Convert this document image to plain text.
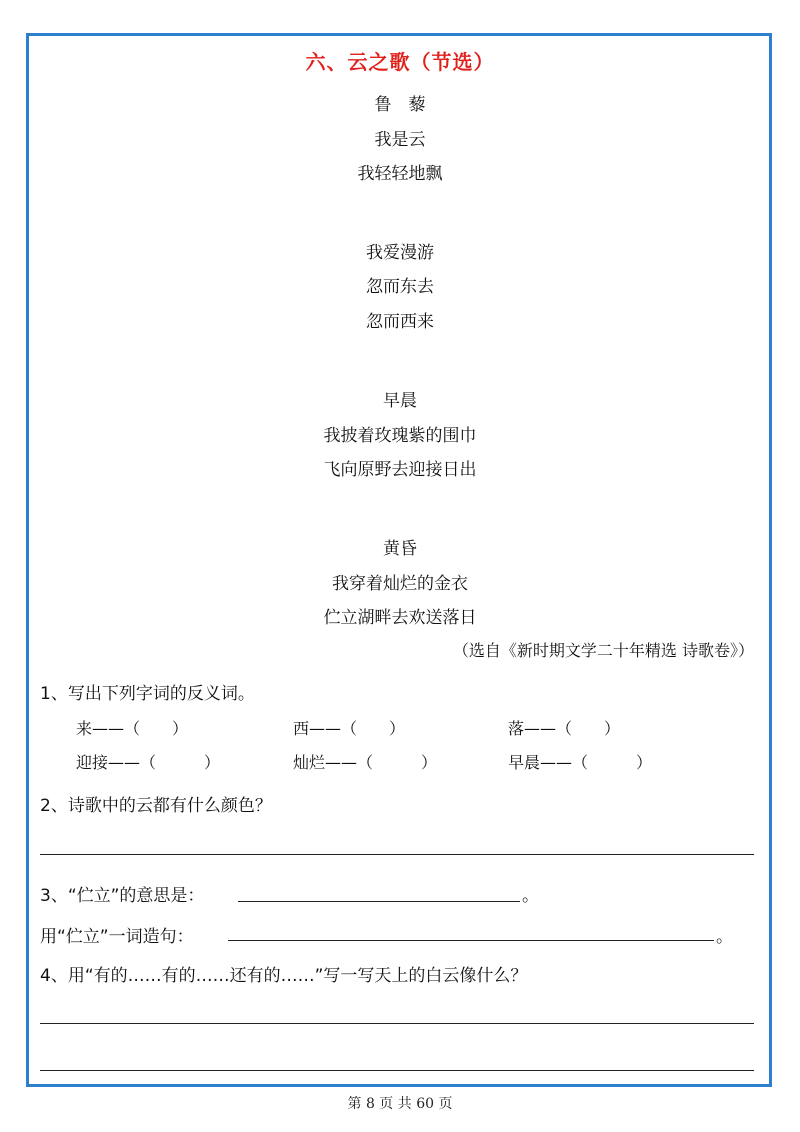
六、云之歌（节选）
鲁　藜
我是云
我轻轻地飘
我爱漫游
忽而东去
忽而西来
早晨
我披着玫瑰紫的围巾
飞向原野去迎接日出
黄昏
我穿着灿烂的金衣
伫立湖畔去欢送落日
（选自《新时期文学二十年精选 诗歌卷》）
1、写出下列字词的反义词。
来——（　　）	西——（　　）	落——（　　）
迎接——（　　　）	灿烂——（　　　）	早晨——（　　　）
2、诗歌中的云都有什么颜色？
3、“伫立”的意思是：	。
用“伫立”一词造句：	。
4、用“有的……有的……还有的……”写一写天上的白云像什么？
第 8 页 共 60 页
